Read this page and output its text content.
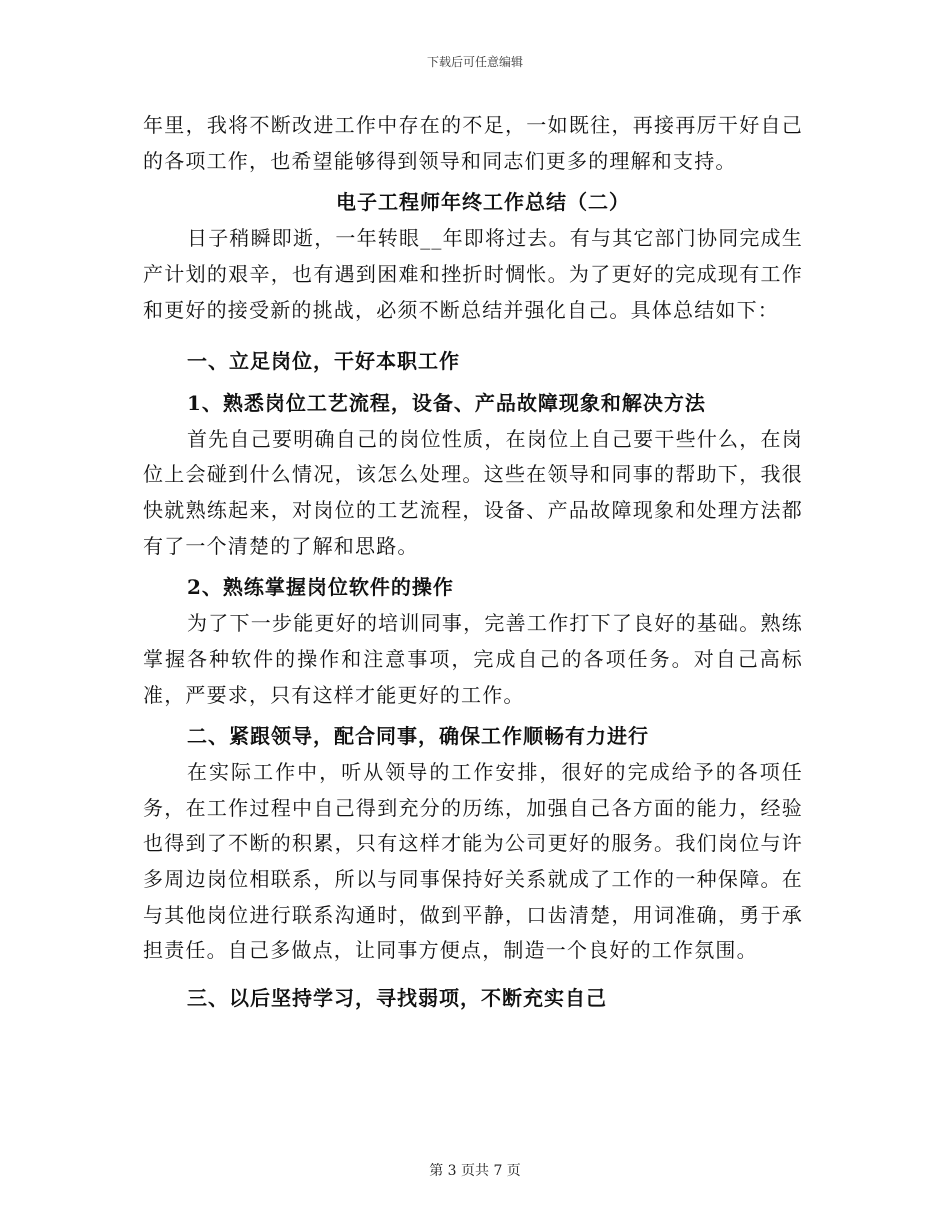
下载后可任意编辑

年里，我将不断改进工作中存在的不足，一如既往，再接再厉干好自己的各项工作，也希望能够得到领导和同志们更多的理解和支持。

电子工程师年终工作总结（二）

日子稍瞬即逝，一年转眼__年即将过去。有与其它部门协同完成生产计划的艰辛，也有遇到困难和挫折时惆怅。为了更好的完成现有工作和更好的接受新的挑战，必须不断总结并强化自己。具体总结如下：

一、立足岗位，干好本职工作

1、熟悉岗位工艺流程，设备、产品故障现象和解决方法

首先自己要明确自己的岗位性质，在岗位上自己要干些什么，在岗位上会碰到什么情况，该怎么处理。这些在领导和同事的帮助下，我很快就熟练起来，对岗位的工艺流程，设备、产品故障现象和处理方法都有了一个清楚的了解和思路。

2、熟练掌握岗位软件的操作

为了下一步能更好的培训同事，完善工作打下了良好的基础。熟练掌握各种软件的操作和注意事项，完成自己的各项任务。对自己高标准，严要求，只有这样才能更好的工作。

二、紧跟领导，配合同事，确保工作顺畅有力进行

在实际工作中，听从领导的工作安排，很好的完成给予的各项任务，在工作过程中自己得到充分的历练，加强自己各方面的能力，经验也得到了不断的积累，只有这样才能为公司更好的服务。我们岗位与许多周边岗位相联系，所以与同事保持好关系就成了工作的一种保障。在与其他岗位进行联系沟通时，做到平静，口齿清楚，用词准确，勇于承担责任。自己多做点，让同事方便点，制造一个良好的工作氛围。

三、以后坚持学习，寻找弱项，不断充实自己

第 3 页共 7 页
